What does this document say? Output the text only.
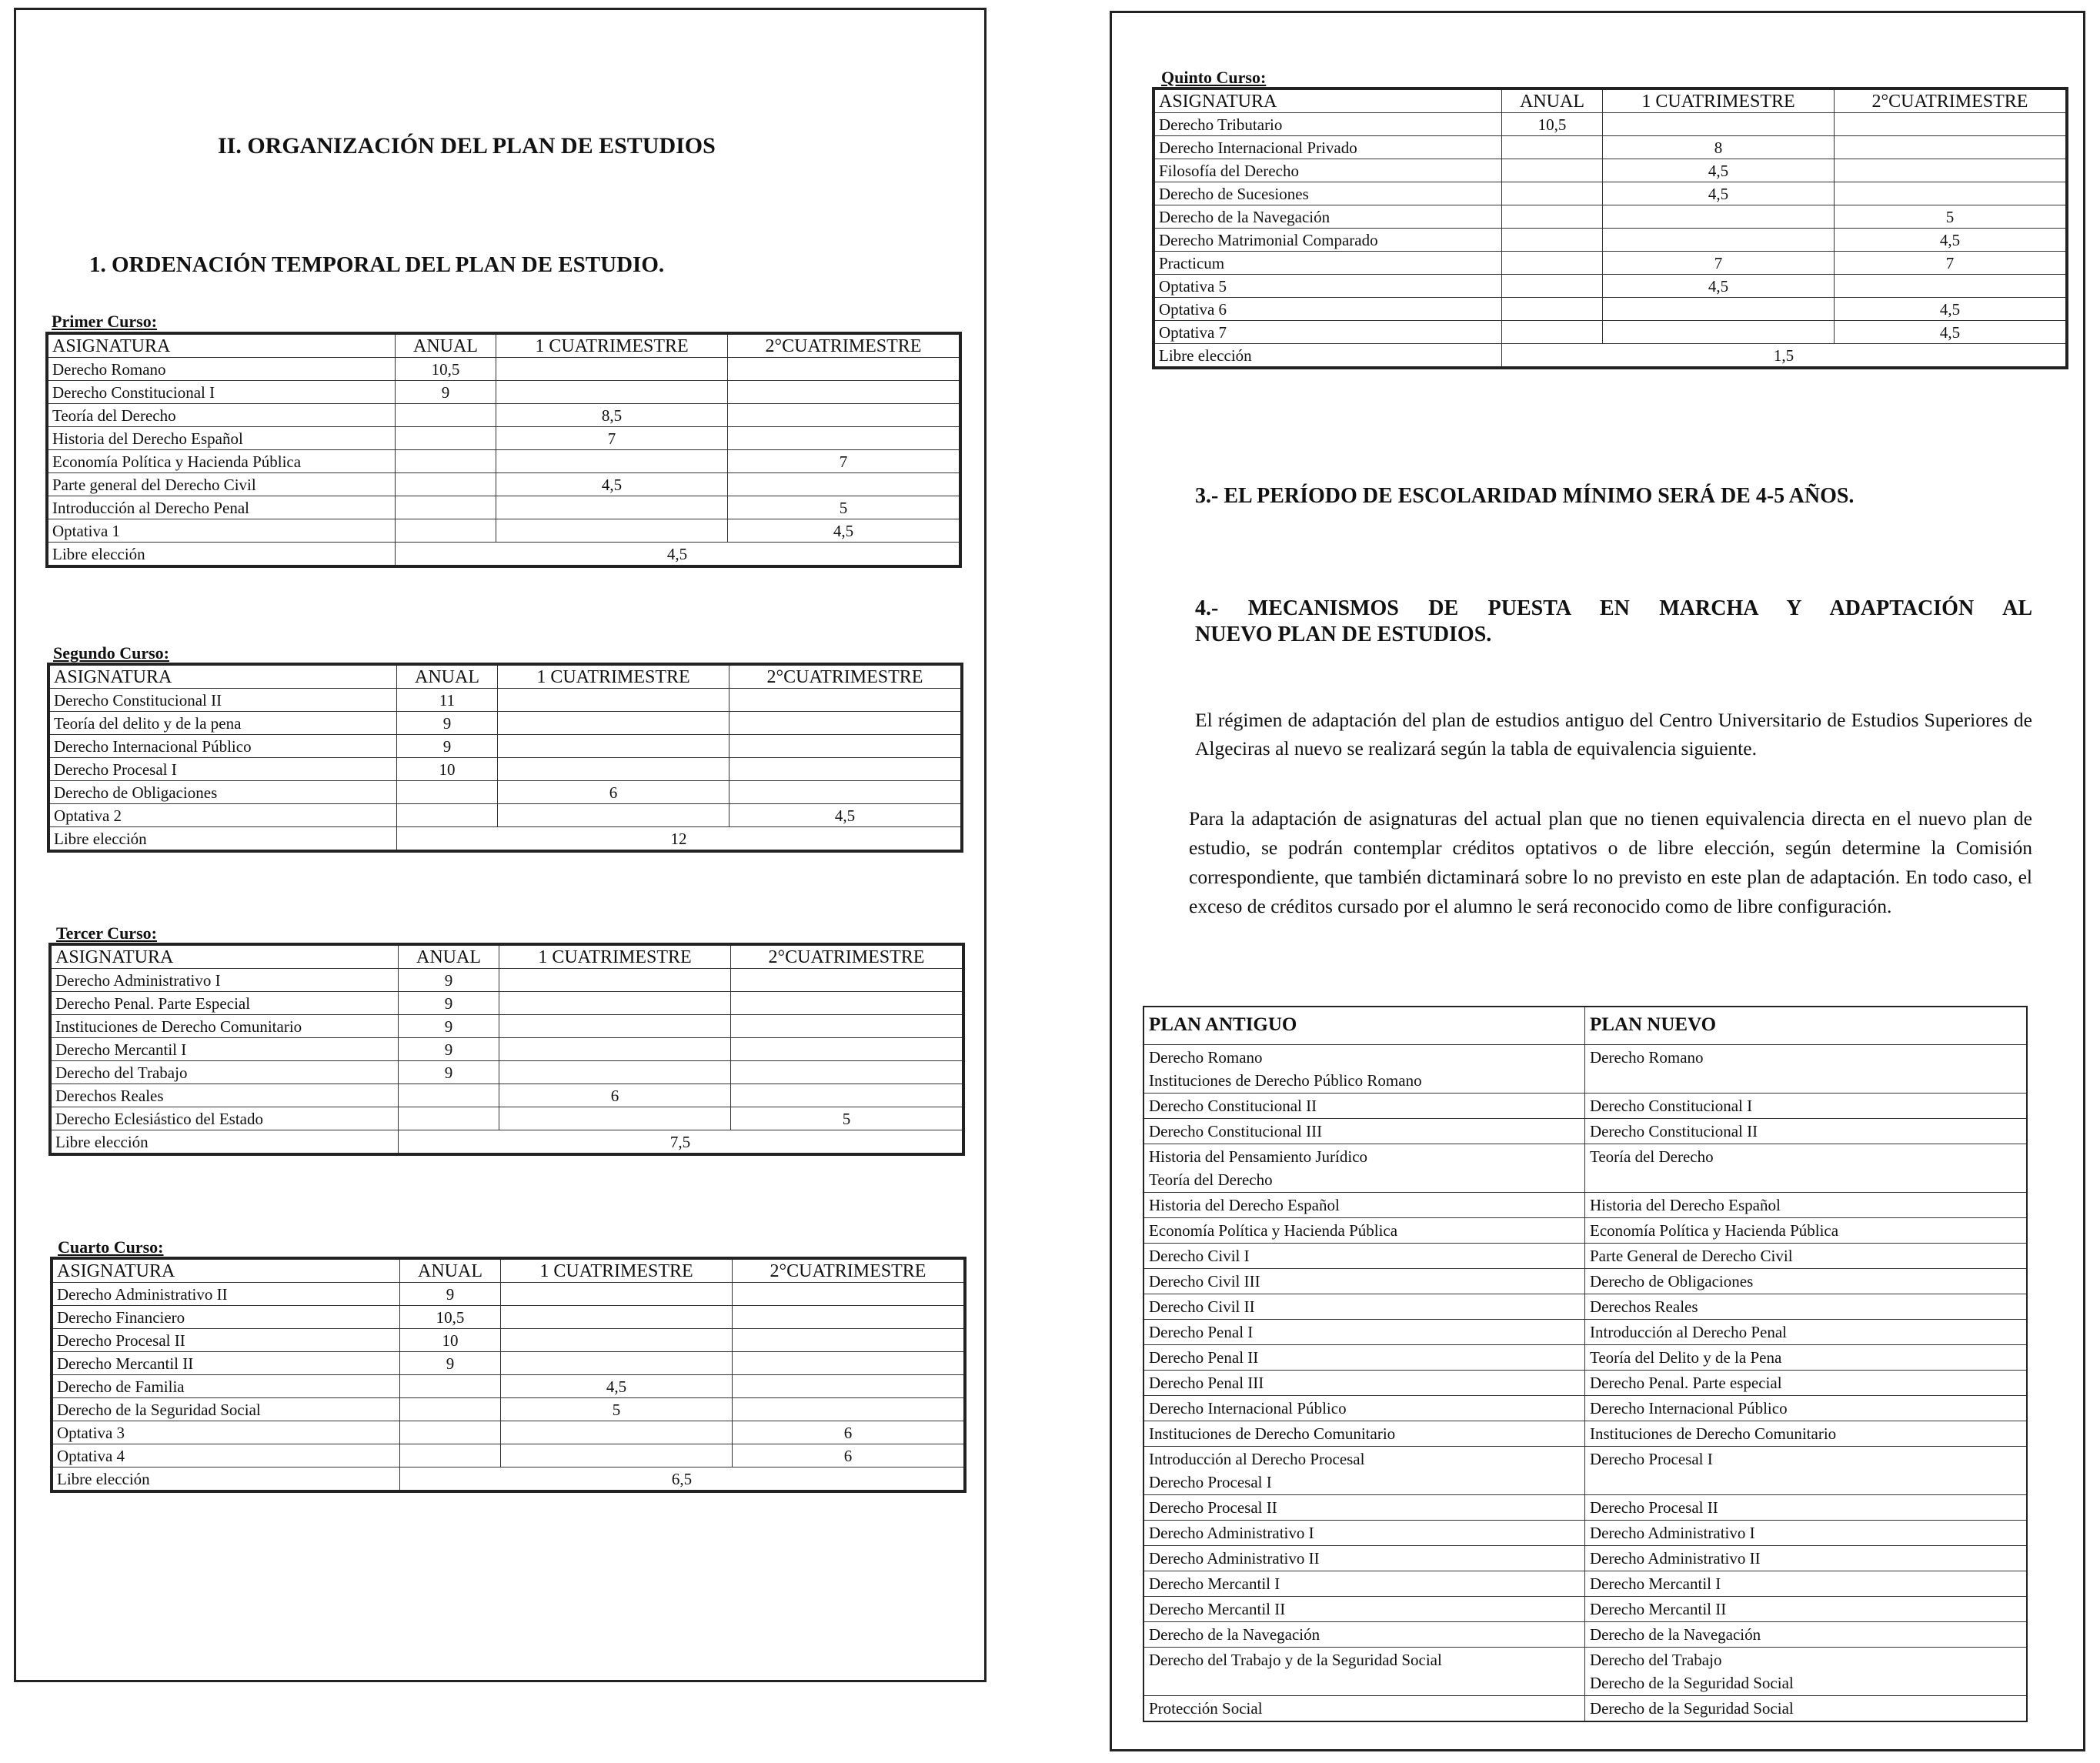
II. ORGANIZACIÓN DEL PLAN DE ESTUDIOS
1. ORDENACIÓN TEMPORAL DEL PLAN DE ESTUDIO.
Primer Curso:
ASIGNATURA	ANUAL	1 CUATRIMESTRE	2°CUATRIMESTRE
Derecho Romano	10,5		
Derecho Constitucional I	9		
Teoría del Derecho		8,5	
Historia del Derecho Español		7	
Economía Política y Hacienda Pública			7
Parte general del Derecho Civil		4,5	
Introducción al Derecho Penal			5
Optativa 1			4,5
Libre elección	4,5		
Segundo Curso:
ASIGNATURA	ANUAL	1 CUATRIMESTRE	2°CUATRIMESTRE
Derecho Constitucional II	11		
Teoría del delito y de la pena	9		
Derecho Internacional Público	9		
Derecho Procesal I	10		
Derecho de Obligaciones		6	
Optativa 2			4,5
Libre elección	12		
Tercer Curso:
ASIGNATURA	ANUAL	1 CUATRIMESTRE	2°CUATRIMESTRE
Derecho Administrativo I	9		
Derecho Penal. Parte Especial	9		
Instituciones de Derecho Comunitario	9		
Derecho Mercantil I	9		
Derecho del Trabajo	9		
Derechos Reales		6	
Derecho Eclesiástico del Estado			5
Libre elección	7,5		
Cuarto Curso:
ASIGNATURA	ANUAL	1 CUATRIMESTRE	2°CUATRIMESTRE
Derecho Administrativo II	9		
Derecho Financiero	10,5		
Derecho Procesal II	10		
Derecho Mercantil II	9		
Derecho de Familia		4,5	
Derecho de la Seguridad Social		5	
Optativa 3			6
Optativa 4			6
Libre elección	6,5		
Quinto Curso:
ASIGNATURA	ANUAL	1 CUATRIMESTRE	2°CUATRIMESTRE
Derecho Tributario	10,5		
Derecho Internacional Privado		8	
Filosofía del Derecho		4,5	
Derecho de Sucesiones		4,5	
Derecho de la Navegación			5
Derecho Matrimonial Comparado			4,5
Practicum		7	7
Optativa 5		4,5	
Optativa 6			4,5
Optativa 7			4,5
Libre elección	1,5		
3.- EL PERÍODO DE ESCOLARIDAD MÍNIMO SERÁ DE 4-5 AÑOS.
4.- MECANISMOS DE PUESTA EN MARCHA Y ADAPTACIÓN AL
NUEVO PLAN DE ESTUDIOS.
El régimen de adaptación del plan de estudios antiguo del Centro Universitario de Estudios Superiores de Algeciras al nuevo se realizará según la tabla de equivalencia siguiente.
Para la adaptación de asignaturas del actual plan que no tienen equivalencia directa en el nuevo plan de estudio, se podrán contemplar créditos optativos o de libre elección, según determine la Comisión correspondiente, que también dictaminará sobre lo no previsto en este plan de adaptación. En todo caso, el exceso de créditos cursado por el alumno le será reconocido como de libre configuración.
PLAN ANTIGUO	PLAN NUEVO

Derecho Romano
Instituciones de Derecho Público Romano	Derecho Romano

Derecho Constitucional II	Derecho Constitucional I

Derecho Constitucional III	Derecho Constitucional II

Historia del Pensamiento Jurídico
Teoría del Derecho	Teoría del Derecho

Historia del Derecho Español	Historia del Derecho Español

Economía Política y Hacienda Pública	Economía Política y Hacienda Pública

Derecho Civil I	Parte General de Derecho Civil

Derecho Civil III	Derecho de Obligaciones

Derecho Civil II	Derechos Reales

Derecho Penal I	Introducción al Derecho Penal

Derecho Penal II	Teoría del Delito y de la Pena

Derecho Penal III	Derecho Penal. Parte especial

Derecho Internacional Público	Derecho Internacional Público

Instituciones de Derecho Comunitario	Instituciones de Derecho Comunitario

Introducción al Derecho Procesal
Derecho Procesal I	Derecho Procesal I

Derecho Procesal II	Derecho Procesal II

Derecho Administrativo I	Derecho Administrativo I

Derecho Administrativo II	Derecho Administrativo II

Derecho Mercantil I	Derecho Mercantil I

Derecho Mercantil II	Derecho Mercantil II

Derecho de la Navegación	Derecho de la Navegación

Derecho del Trabajo y de la Seguridad Social	Derecho del Trabajo
Derecho de la Seguridad Social

Protección Social	Derecho de la Seguridad Social
